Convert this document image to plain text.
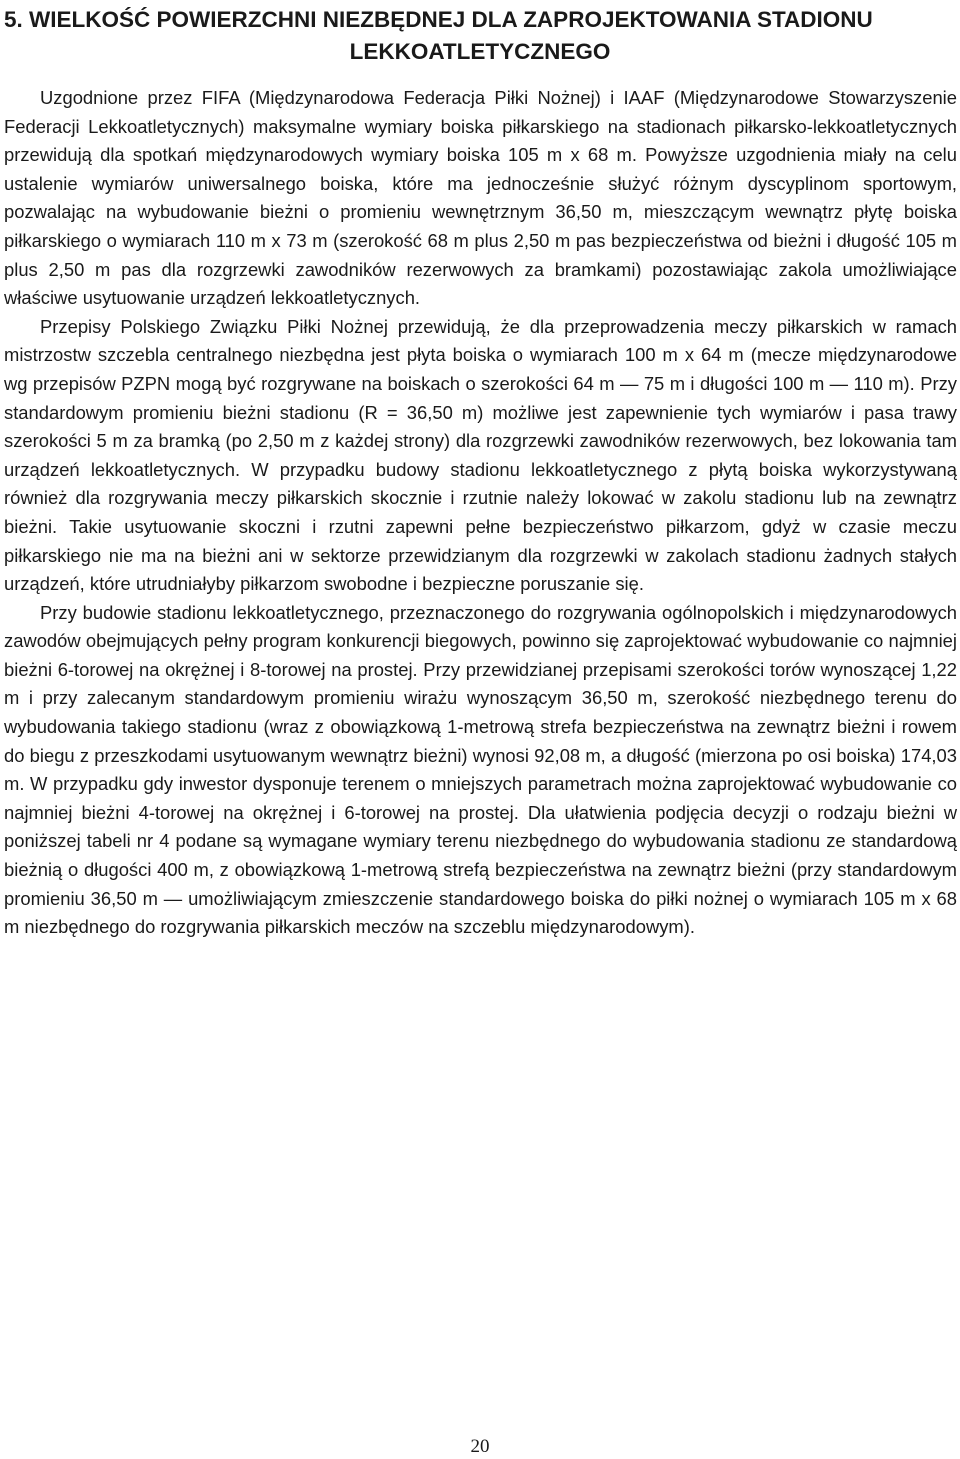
5. WIELKOŚĆ POWIERZCHNI NIEZBĘDNEJ DLA ZAPROJEKTOWANIA STADIONU
LEKKOATLETYCZNEGO

Uzgodnione przez FIFA (Międzynarodowa Federacja Piłki Nożnej) i IAAF (Międzynarodowe Stowarzyszenie Federacji Lekkoatletycznych) maksymalne wymiary boiska piłkarskiego na stadionach piłkarsko-lekkoatletycznych przewidują dla spotkań międzynarodowych wymiary boiska 105 m x 68 m. Powyższe uzgodnienia miały na celu ustalenie wymiarów uniwersalnego boiska, które ma jednocześnie służyć różnym dyscyplinom sportowym, pozwalając na wybudowanie bieżni o promieniu wewnętrznym 36,50 m, mieszczącym wewnątrz płytę boiska piłkarskiego o wymiarach 110 m x 73 m (szerokość 68 m plus 2,50 m pas bezpieczeństwa od bieżni i długość 105 m plus 2,50 m pas dla rozgrzewki zawodników rezerwowych za bramkami) pozostawiając zakola umożliwiające właściwe usytuowanie urządzeń lekkoatletycznych.

Przepisy Polskiego Związku Piłki Nożnej przewidują, że dla przeprowadzenia meczy piłkarskich w ramach mistrzostw szczebla centralnego niezbędna jest płyta boiska o wymiarach 100 m x 64 m (mecze międzynarodowe wg przepisów PZPN mogą być rozgrywane na boiskach o szerokości 64 m — 75 m i długości 100 m — 110 m). Przy standardowym promieniu bieżni stadionu (R = 36,50 m) możliwe jest zapewnienie tych wymiarów i pasa trawy szerokości 5 m za bramką (po 2,50 m z każdej strony) dla rozgrzewki zawodników rezerwowych, bez lokowania tam urządzeń lekkoatletycznych. W przypadku budowy stadionu lekkoatletycznego z płytą boiska wykorzystywaną również dla rozgrywania meczy piłkarskich skocznie i rzutnie należy lokować w zakolu stadionu lub na zewnątrz bieżni. Takie usytuowanie skoczni i rzutni zapewni pełne bezpieczeństwo piłkarzom, gdyż w czasie meczu piłkarskiego nie ma na bieżni ani w sektorze przewidzianym dla rozgrzewki w zakolach stadionu żadnych stałych urządzeń, które utrudniałyby piłkarzom swobodne i bezpieczne poruszanie się.

Przy budowie stadionu lekkoatletycznego, przeznaczonego do rozgrywania ogólnopolskich i międzynarodowych zawodów obejmujących pełny program konkurencji biegowych, powinno się zaprojektować wybudowanie co najmniej bieżni 6-torowej na okrężnej i 8-torowej na prostej. Przy przewidzianej przepisami szerokości torów wynoszącej 1,22 m i przy zalecanym standardowym promieniu wirażu wynoszącym 36,50 m, szerokość niezbędnego terenu do wybudowania takiego stadionu (wraz z obowiązkową 1-metrową strefa bezpieczeństwa na zewnątrz bieżni i rowem do biegu z przeszkodami usytuowanym wewnątrz bieżni) wynosi 92,08 m, a długość (mierzona po osi boiska) 174,03 m. W przypadku gdy inwestor dysponuje terenem o mniejszych parametrach można zaprojektować wybudowanie co najmniej bieżni 4-torowej na okrężnej i 6-torowej na prostej. Dla ułatwienia podjęcia decyzji o rodzaju bieżni w poniższej tabeli nr 4 podane są wymagane wymiary terenu niezbędnego do wybudowania stadionu ze standardową bieżnią o długości 400 m, z obowiązkową 1-metrową strefą bezpieczeństwa na zewnątrz bieżni (przy standardowym promieniu 36,50 m — umożliwiającym zmieszczenie standardowego boiska do piłki nożnej o wymiarach 105 m x 68 m niezbędnego do rozgrywania piłkarskich meczów na szczeblu międzynarodowym).

20
